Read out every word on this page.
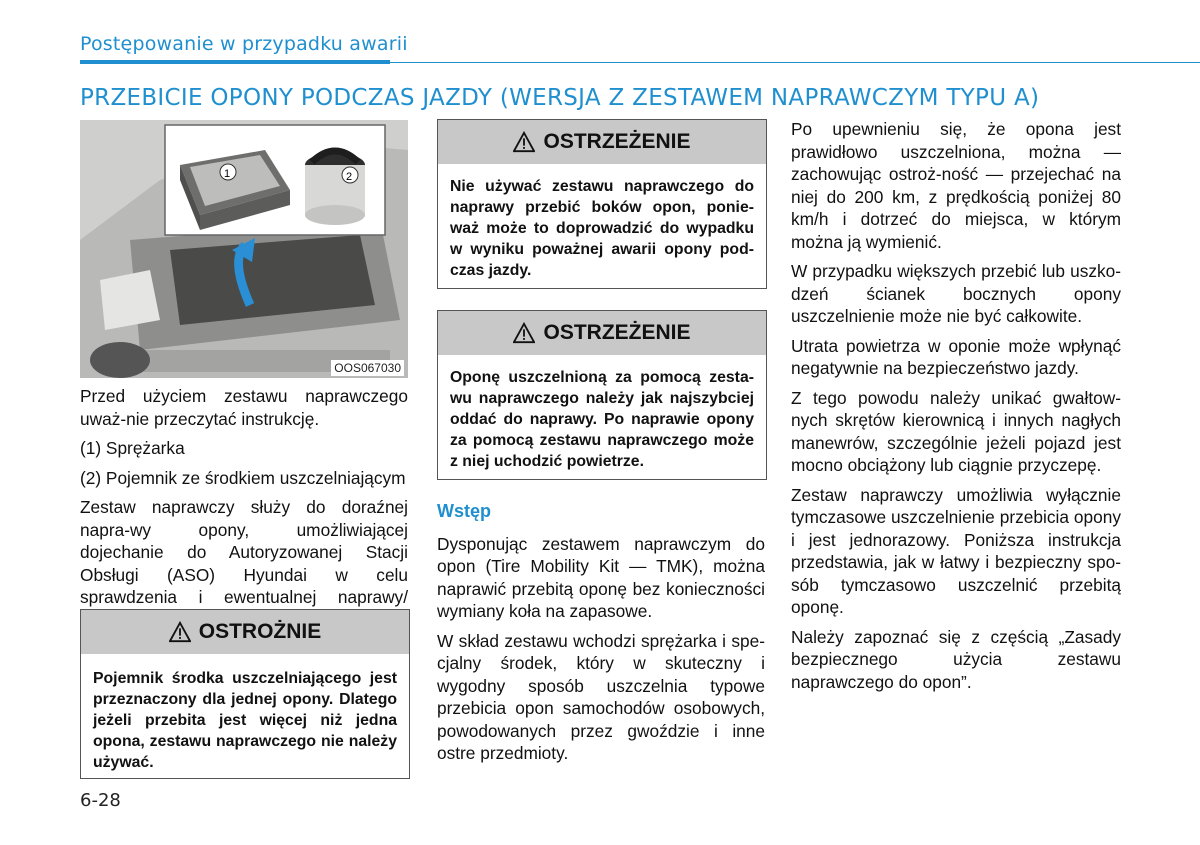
Postępowanie w przypadku awarii
PRZEBICIE OPONY PODCZAS JAZDY (WERSJA Z ZESTAWEM NAPRAWCZYM TYPU A)
1	2
OOS067030

Przed użyciem zestawu naprawczego uważ-nie przeczytać instrukcję.

(1) Sprężarka

(2) Pojemnik ze środkiem uszczelniającym

Zestaw naprawczy służy do doraźnej napra-wy opony, umożliwiającej dojechanie do Autoryzowanej Stacji Obsługi (ASO) Hyundai w celu sprawdzenia i ewentualnej naprawy/

OSTROŻNIE
Pojemnik środka uszczelniającego jest przeznaczony dla jednej opony. Dlatego jeżeli przebita jest więcej niż jedna opona, zestawu naprawczego nie należy używać.
OSTRZEŻENIE
Nie używać zestawu naprawczego do naprawy przebić boków opon, ponie-waż może to doprowadzić do wypadku w wyniku poważnej awarii opony pod-czas jazdy.
OSTRZEŻENIE
Oponę uszczelnioną za pomocą zesta-wu naprawczego należy jak najszybciej oddać do naprawy. Po naprawie opony za pomocą zestawu naprawczego może z niej uchodzić powietrze.
Wstęp

Dysponując zestawem naprawczym do opon (Tire Mobility Kit — TMK), można naprawić przebitą oponę bez konieczności wymiany koła na zapasowe.

W skład zestawu wchodzi sprężarka i spe-cjalny środek, który w skuteczny i wygodny sposób uszczelnia typowe przebicia opon samochodów osobowych, powodowanych przez gwoździe i inne ostre przedmioty.

Po upewnieniu się, że opona jest prawidłowo uszczelniona, można — zachowując ostroż-ność — przejechać na niej do 200 km, z prędkością poniżej 80 km/h i dotrzeć do miejsca, w którym można ją wymienić.

W przypadku większych przebić lub uszko-dzeń ścianek bocznych opony uszczelnienie może nie być całkowite.

Utrata powietrza w oponie może wpłynąć negatywnie na bezpieczeństwo jazdy.

Z tego powodu należy unikać gwałtow-nych skrętów kierownicą i innych nagłych manewrów, szczególnie jeżeli pojazd jest mocno obciążony lub ciągnie przyczepę.

Zestaw naprawczy umożliwia wyłącznie tymczasowe uszczelnienie przebicia opony i jest jednorazowy. Poniższa instrukcja przedstawia, jak w łatwy i bezpieczny spo-sób tymczasowo uszczelnić przebitą oponę.

Należy zapoznać się z częścią „Zasady bezpiecznego użycia zestawu naprawczego do opon”.

6-28
